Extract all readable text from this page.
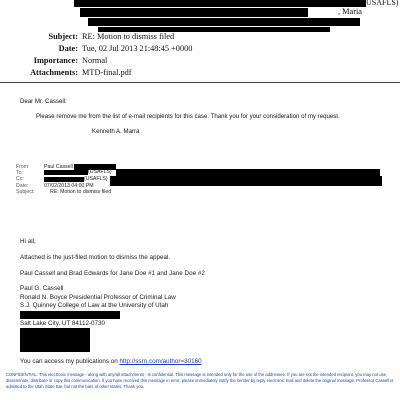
USAFLS)
, Maria
Subject: RE: Motion to dismiss filed
Date: Tue, 02 Jul 2013 21:48:45 +0000
Importance: Normal
Attachments: MTD-final.pdf
Dear Mr. Cassell:
Please remove me from the list of e-mail recipients for this case. Thank you for your consideration of my request.
Kenneth A. Marra
From:	Paul Cassell
To:	(USAFLS)
Cc:	(USAFLS)
Date:	07/02/2013 04:00 PM
Subject:	RE: Motion to dismiss filed
Hi all,
Attached is the just-filed motion to dismiss the appeal.
Paul Cassell and Brad Edwards for Jane Doe #1 and Jane Doe #2
Paul G. Cassell
Ronald N. Boyce Presidential Professor of Criminal Law
S.J. Quinney College of Law at the University of Utah
Salt Lake City, UT 84112-0730
You can access my publications on http://ssrn.com/author=30160
CONFIDENTIAL: This electronic message - along with any/all attachments - is confidential. This message is intended only for the use of the addressee. If you are not the intended recipient, you may not use, disseminate, distribute or copy this communication. If you have received this message in error, please immediately notify the sender by reply electronic mail and delete the original message. Professor Cassell is admitted to the Utah State Bar, but not the bars of other states. Thank you.
